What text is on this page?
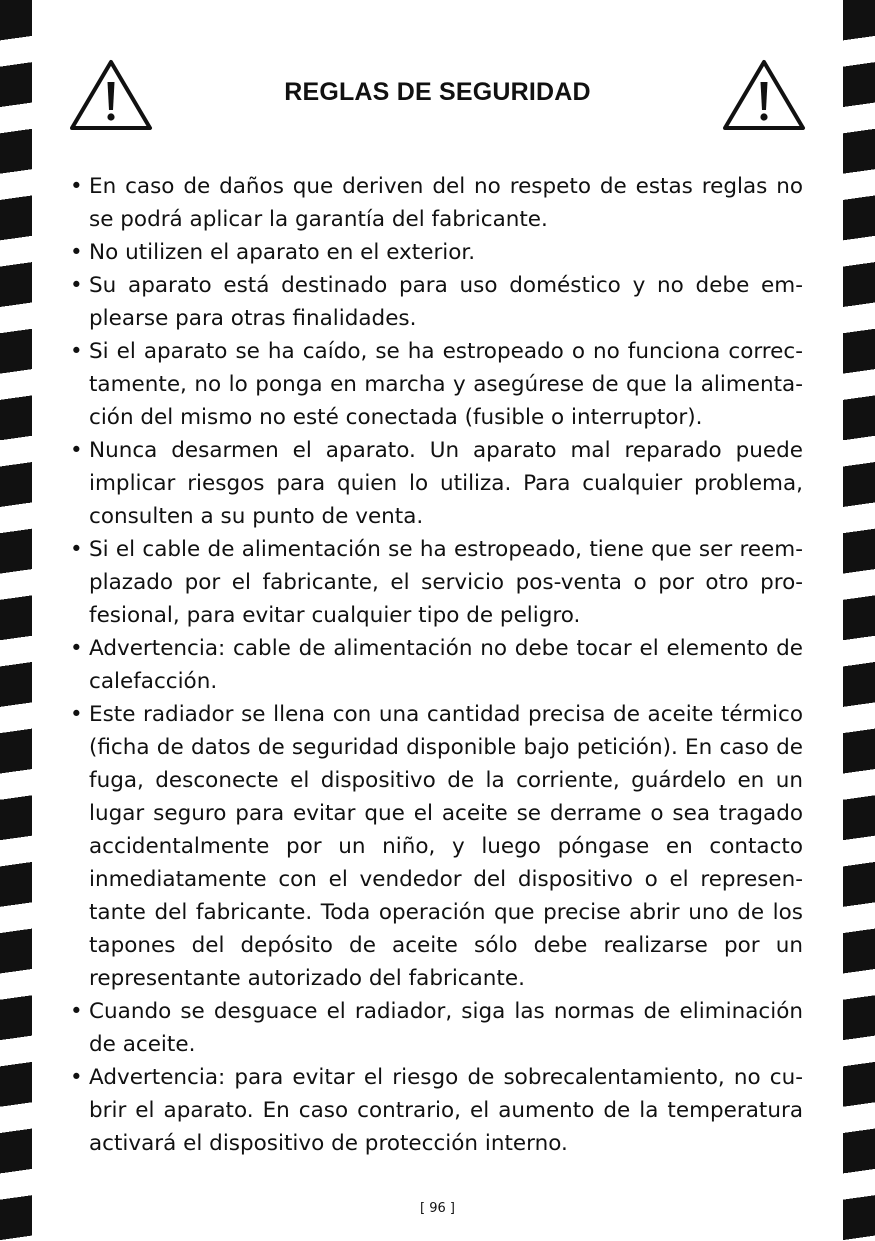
REGLAS DE SEGURIDAD
• En caso de daños que deriven del no respeto de estas reglas no se podrá aplicar la garantía del fabricante.
• No utilizen el aparato en el exterior.
• Su aparato está destinado para uso doméstico y no debe emplearse para otras finalidades.
• Si el aparato se ha caído, se ha estropeado o no funciona correctamente, no lo ponga en marcha y asegúrese de que la alimentación del mismo no esté conectada (fusible o interruptor).
• Nunca desarmen el aparato. Un aparato mal reparado puede implicar riesgos para quien lo utiliza. Para cualquier problema, consulten a su punto de venta.
• Si el cable de alimentación se ha estropeado, tiene que ser reemplazado por el fabricante, el servicio pos-venta o por otro profesional, para evitar cualquier tipo de peligro.
• Advertencia: cable de alimentación no debe tocar el elemento de calefacción.
• Este radiador se llena con una cantidad precisa de aceite térmico (ficha de datos de seguridad disponible bajo petición). En caso de fuga, desconecte el dispositivo de la corriente, guárdelo en un lugar seguro para evitar que el aceite se derrame o sea tragado accidentalmente por un niño, y luego póngase en contacto inmediatamente con el vendedor del dispositivo o el representante del fabricante. Toda operación que precise abrir uno de los tapones del depósito de aceite sólo debe realizarse por un representante autorizado del fabricante.
• Cuando se desguace el radiador, siga las normas de eliminación de aceite.
• Advertencia: para evitar el riesgo de sobrecalentamiento, no cubrir el aparato. En caso contrario, el aumento de la temperatura activará el dispositivo de protección interno.
[ 96 ]
